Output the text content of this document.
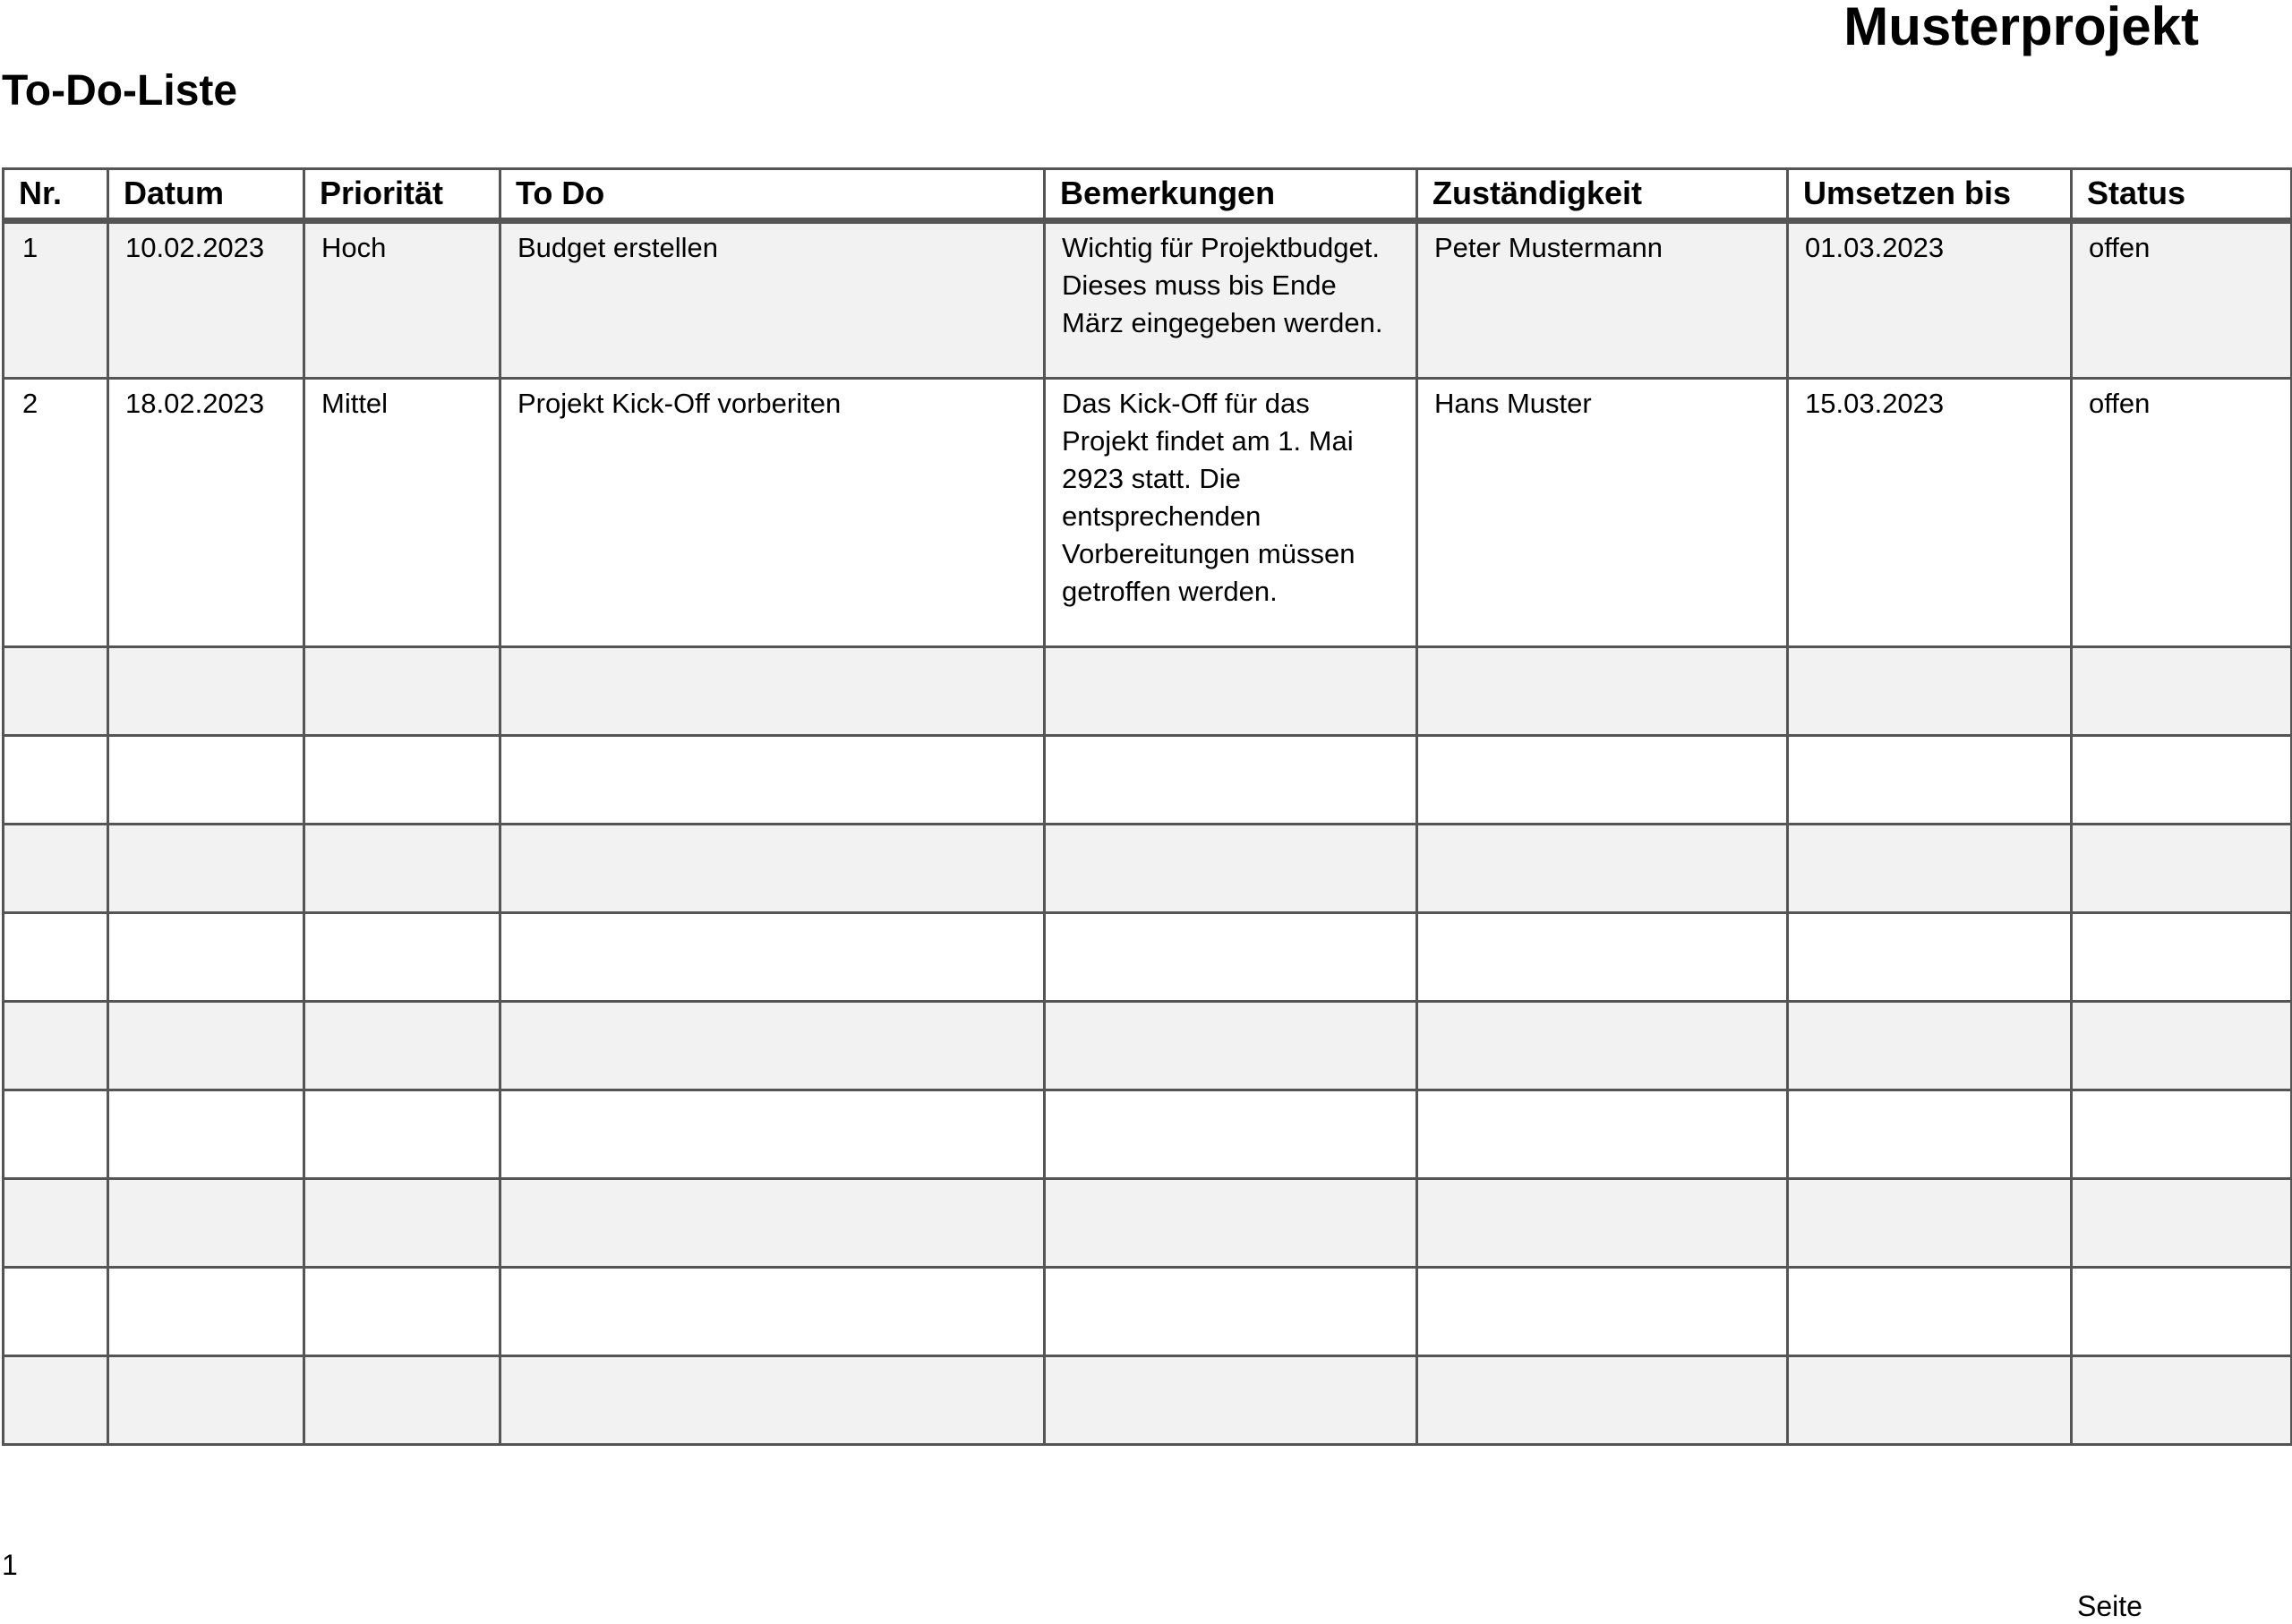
Musterprojekt
To-Do-Liste
Nr.	Datum	Priorität	To Do	Bemerkungen	Zuständigkeit	Umsetzen bis	Status
1	10.02.2023	Hoch	Budget erstellen	Wichtig für Projektbudget. Dieses muss bis Ende März eingegeben werden.	Peter Mustermann	01.03.2023	offen
2	18.02.2023	Mittel	Projekt Kick-Off vorberiten	Das Kick-Off für das Projekt findet am 1. Mai 2923 statt. Die entsprechenden Vorbereitungen müssen getroffen werden.	Hans Muster	15.03.2023	offen

1
Seite
